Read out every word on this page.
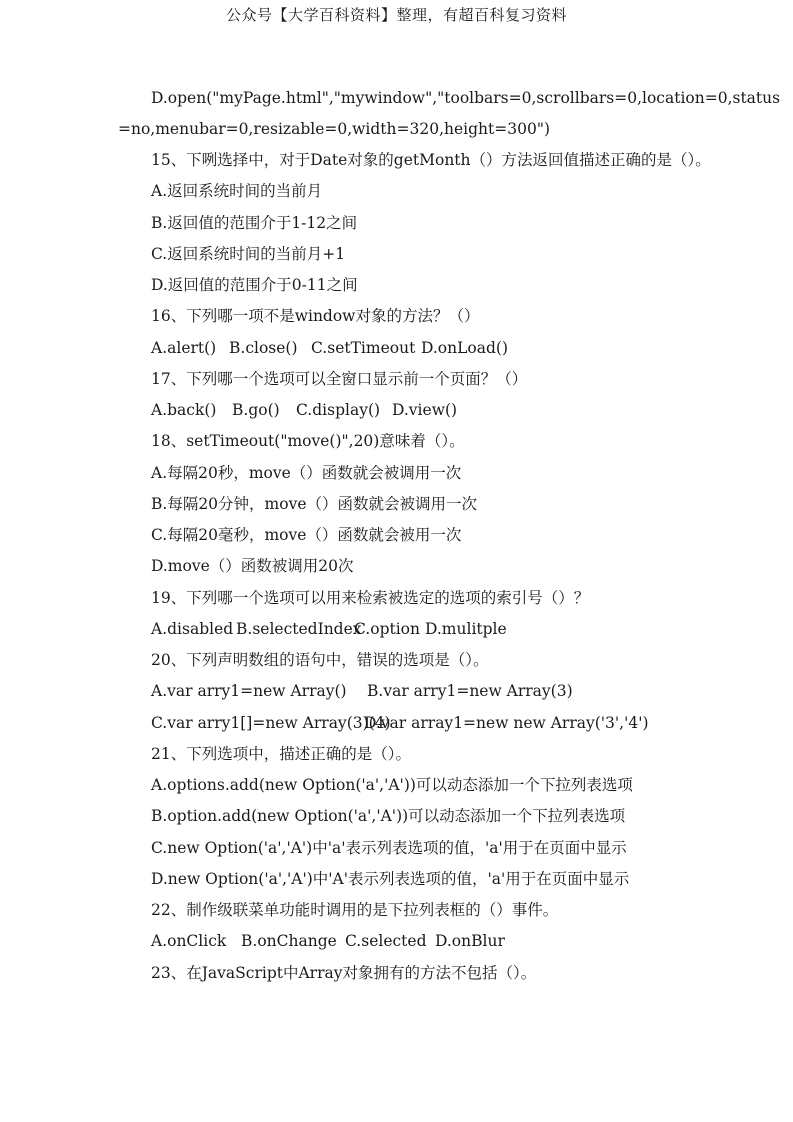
公众号【大学百科资料】整理，有超百科复习资料
D.open("myPage.html","mywindow","toolbars=0,scrollbars=0,location=0,status
=no,menubar=0,resizable=0,width=320,height=300")
15、下咧选择中，对于Date对象的getMonth（）方法返回值描述正确的是（）。
A.返回系统时间的当前月
B.返回值的范围介于1-12之间
C.返回系统时间的当前月+1
D.返回值的范围介于0-11之间
16、下列哪一项不是window对象的方法？（）
A.alert() B.close() C.setTimeout D.onLoad()
17、下列哪一个选项可以全窗口显示前一个页面？（）
A.back() B.go() C.display() D.view()
18、setTimeout("move()",20)意味着（）。
A.每隔20秒，move（）函数就会被调用一次
B.每隔20分钟，move（）函数就会被调用一次
C.每隔20毫秒，move（）函数就会被用一次
D.move（）函数被调用20次
19、下列哪一个选项可以用来检索被选定的选项的索引号（）？
A.disabled B.selectedIndexC.option D.mulitple
20、下列声明数组的语句中，错误的选项是（）。
A.var arry1=new Array() B.var arry1=new Array(3)
C.var arry1[]=new Array(3)(4)D.var array1=new new Array('3','4')
21、下列选项中，描述正确的是（）。
A.options.add(new Option('a','A'))可以动态添加一个下拉列表选项
B.option.add(new Option('a','A'))可以动态添加一个下拉列表选项
C.new Option('a','A')中'a'表示列表选项的值，'a'用于在页面中显示
D.new Option('a','A')中'A'表示列表选项的值，'a'用于在页面中显示
22、制作级联菜单功能时调用的是下拉列表框的（）事件。
A.onClick B.onChange C.selected D.onBlur
23、在JavaScript中Array对象拥有的方法不包括（）。
